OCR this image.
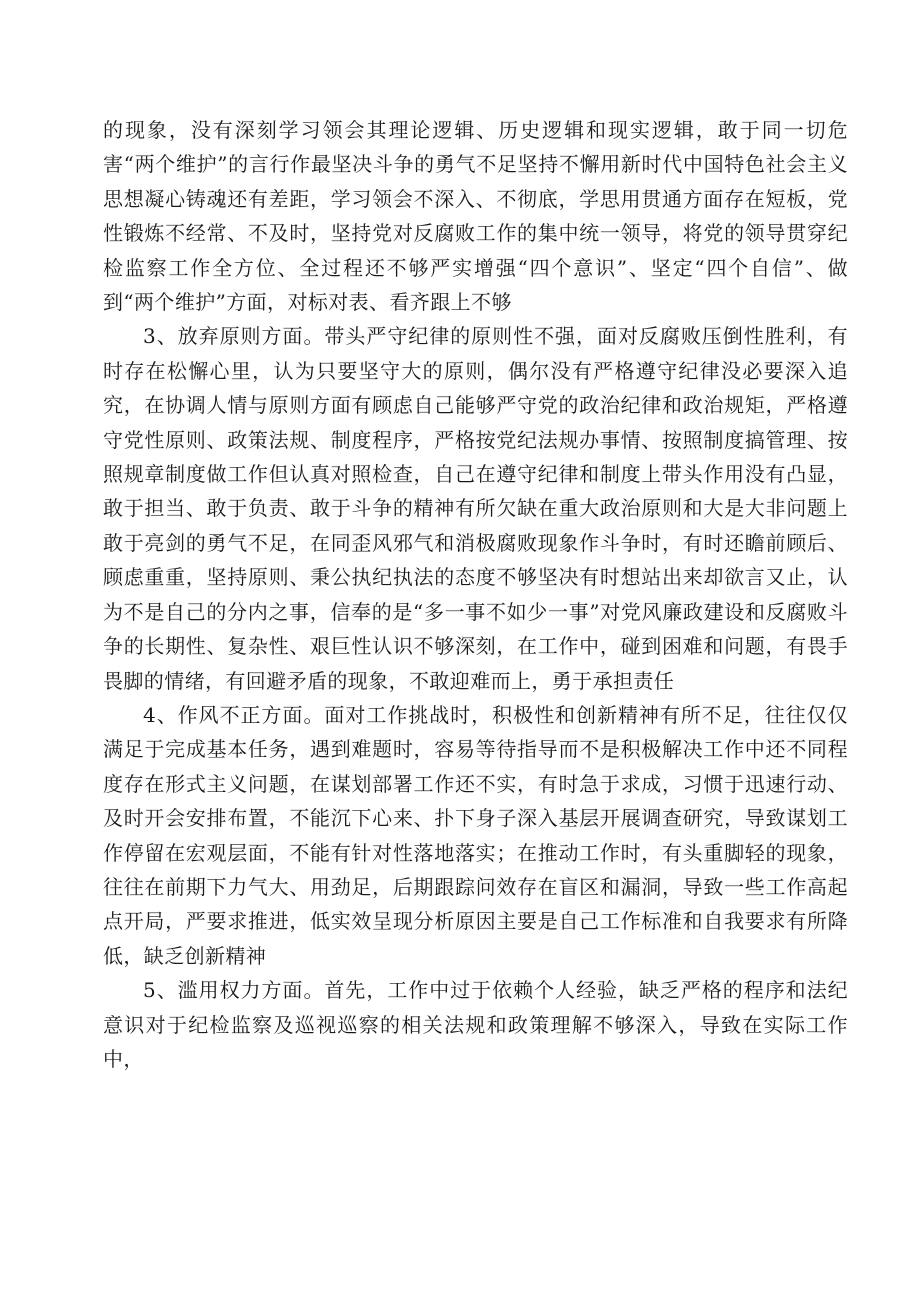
的现象，没有深刻学习领会其理论逻辑、历史逻辑和现实逻辑，敢于同一切危害“两个维护”的言行作最坚决斗争的勇气不足坚持不懈用新时代中国特色社会主义思想凝心铸魂还有差距，学习领会不深入、不彻底，学思用贯通方面存在短板，党性锻炼不经常、不及时，坚持党对反腐败工作的集中统一领导，将党的领导贯穿纪检监察工作全方位、全过程还不够严实增强“四个意识”、坚定“四个自信”、做到“两个维护”方面，对标对表、看齐跟上不够

3、放弃原则方面。带头严守纪律的原则性不强，面对反腐败压倒性胜利，有时存在松懈心里，认为只要坚守大的原则，偶尔没有严格遵守纪律没必要深入追究，在协调人情与原则方面有顾虑自己能够严守党的政治纪律和政治规矩，严格遵守党性原则、政策法规、制度程序，严格按党纪法规办事情、按照制度搞管理、按照规章制度做工作但认真对照检查，自己在遵守纪律和制度上带头作用没有凸显，敢于担当、敢于负责、敢于斗争的精神有所欠缺在重大政治原则和大是大非问题上敢于亮剑的勇气不足，在同歪风邪气和消极腐败现象作斗争时，有时还瞻前顾后、顾虑重重，坚持原则、秉公执纪执法的态度不够坚决有时想站出来却欲言又止，认为不是自己的分内之事，信奉的是“多一事不如少一事”对党风廉政建设和反腐败斗争的长期性、复杂性、艰巨性认识不够深刻，在工作中，碰到困难和问题，有畏手畏脚的情绪，有回避矛盾的现象，不敢迎难而上，勇于承担责任

4、作风不正方面。面对工作挑战时，积极性和创新精神有所不足，往往仅仅满足于完成基本任务，遇到难题时，容易等待指导而不是积极解决工作中还不同程度存在形式主义问题，在谋划部署工作还不实，有时急于求成，习惯于迅速行动、及时开会安排布置，不能沉下心来、扑下身子深入基层开展调查研究，导致谋划工作停留在宏观层面，不能有针对性落地落实；在推动工作时，有头重脚轻的现象，往往在前期下力气大、用劲足，后期跟踪问效存在盲区和漏洞，导致一些工作高起点开局，严要求推进，低实效呈现分析原因主要是自己工作标准和自我要求有所降低，缺乏创新精神

5、滥用权力方面。首先，工作中过于依赖个人经验，缺乏严格的程序和法纪意识对于纪检监察及巡视巡察的相关法规和政策理解不够深入，导致在实际工作中，
